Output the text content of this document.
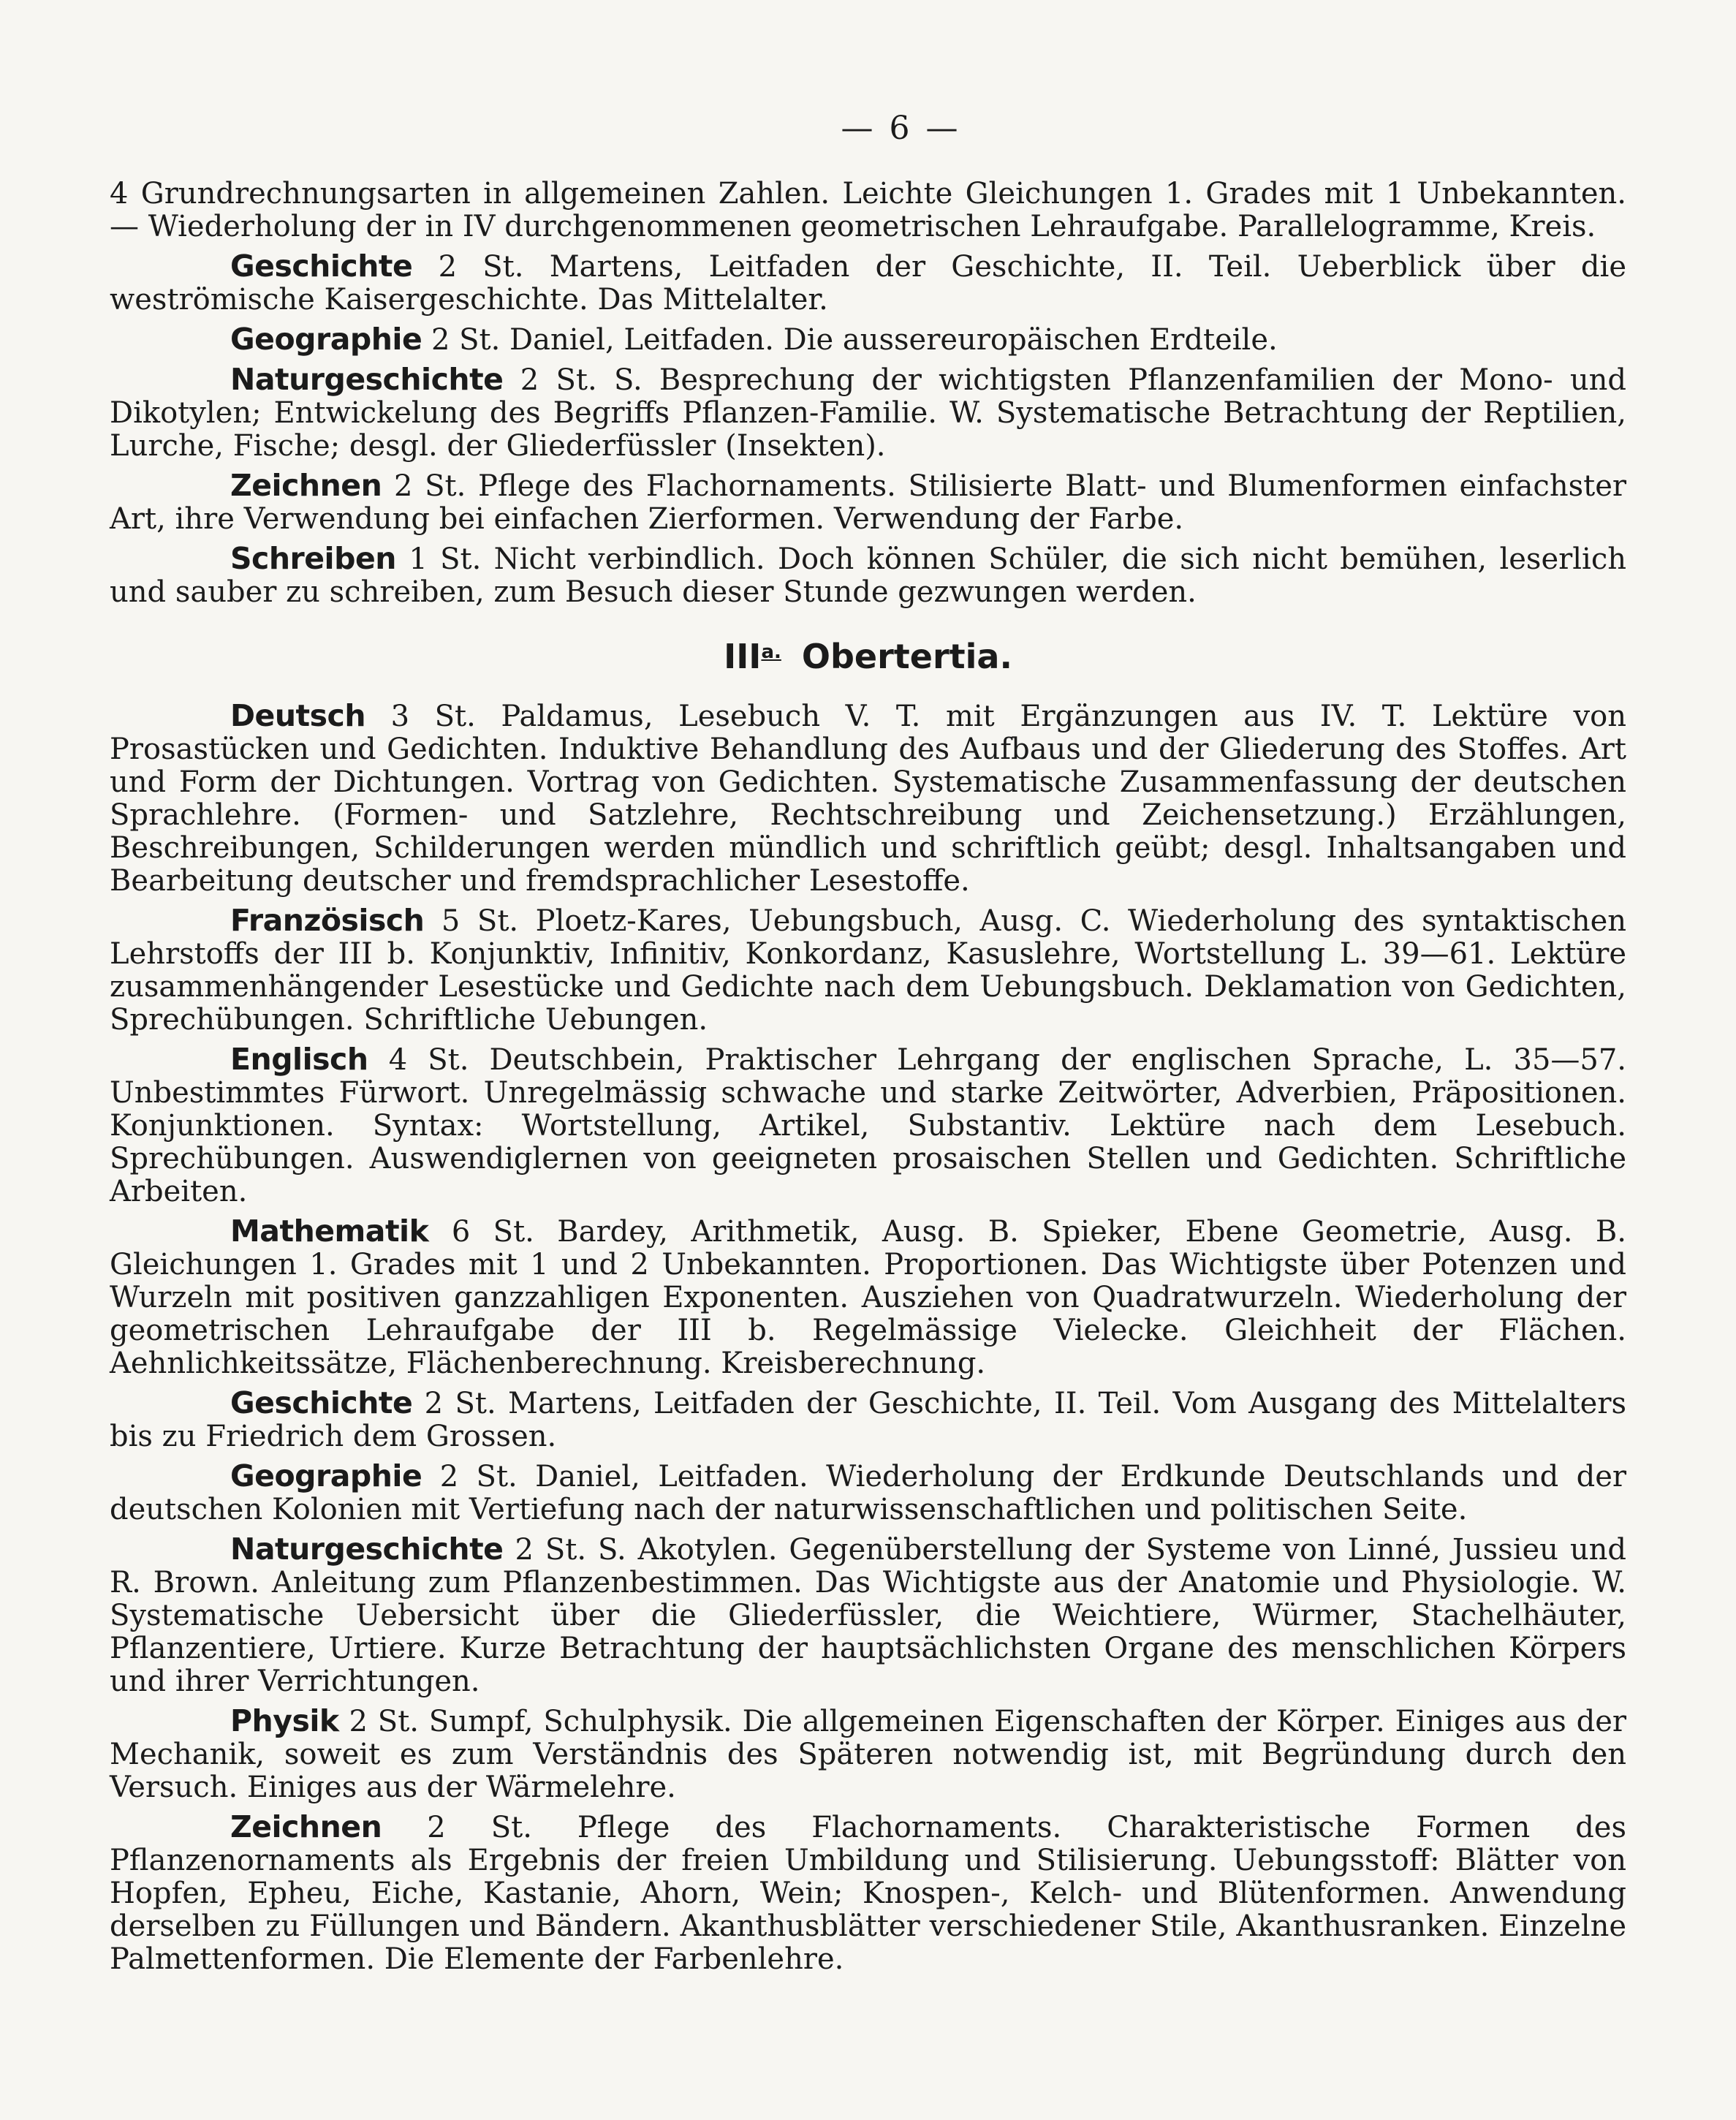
— 6 —

4 Grundrechnungsarten in allgemeinen Zahlen. Leichte Gleichungen 1. Grades mit 1 Unbekannten. — Wiederholung der in IV durchgenommenen geometrischen Lehraufgabe. Parallelogramme, Kreis.

Geschichte 2 St. Martens, Leitfaden der Geschichte, II. Teil. Ueberblick über die weströmische Kaisergeschichte. Das Mittelalter.

Geographie 2 St. Daniel, Leitfaden. Die aussereuropäischen Erdteile.

Naturgeschichte 2 St. S. Besprechung der wichtigsten Pflanzenfamilien der Mono- und Dikotylen; Entwickelung des Begriffs Pflanzen-Familie. W. Systematische Betrachtung der Reptilien, Lurche, Fische; desgl. der Gliederfüssler (Insekten).

Zeichnen 2 St. Pflege des Flachornaments. Stilisierte Blatt- und Blumenformen einfachster Art, ihre Verwendung bei einfachen Zierformen. Verwendung der Farbe.

Schreiben 1 St. Nicht verbindlich. Doch können Schüler, die sich nicht bemühen, leserlich und sauber zu schreiben, zum Besuch dieser Stunde gezwungen werden.

$III^{a.}$ Obertertia.

Deutsch 3 St. Paldamus, Lesebuch V. T. mit Ergänzungen aus IV. T. Lektüre von Prosastücken und Gedichten. Induktive Behandlung des Aufbaus und der Gliederung des Stoffes. Art und Form der Dichtungen. Vortrag von Gedichten. Systematische Zusammenfassung der deutschen Sprachlehre. (Formen- und Satzlehre, Rechtschreibung und Zeichensetzung.) Erzählungen, Beschreibungen, Schilderungen werden mündlich und schriftlich geübt; desgl. Inhaltsangaben und Bearbeitung deutscher und fremdsprachlicher Lesestoffe.

Französisch 5 St. Ploetz-Kares, Uebungsbuch, Ausg. C. Wiederholung des syntaktischen Lehrstoffs der III b. Konjunktiv, Infinitiv, Konkordanz, Kasuslehre, Wortstellung L. 39—61. Lektüre zusammenhängender Lesestücke und Gedichte nach dem Uebungsbuch. Deklamation von Gedichten, Sprechübungen. Schriftliche Uebungen.

Englisch 4 St. Deutschbein, Praktischer Lehrgang der englischen Sprache, L. 35—57. Unbestimmtes Fürwort. Unregelmässig schwache und starke Zeitwörter, Adverbien, Präpositionen. Konjunktionen. Syntax: Wortstellung, Artikel, Substantiv. Lektüre nach dem Lesebuch. Sprechübungen. Auswendiglernen von geeigneten prosaischen Stellen und Gedichten. Schriftliche Arbeiten.

Mathematik 6 St. Bardey, Arithmetik, Ausg. B. Spieker, Ebene Geometrie, Ausg. B. Gleichungen 1. Grades mit 1 und 2 Unbekannten. Proportionen. Das Wichtigste über Potenzen und Wurzeln mit positiven ganzzahligen Exponenten. Ausziehen von Quadratwurzeln. Wiederholung der geometrischen Lehraufgabe der III b. Regelmässige Vielecke. Gleichheit der Flächen. Aehnlichkeitssätze, Flächenberechnung. Kreisberechnung.

Geschichte 2 St. Martens, Leitfaden der Geschichte, II. Teil. Vom Ausgang des Mittelalters bis zu Friedrich dem Grossen.

Geographie 2 St. Daniel, Leitfaden. Wiederholung der Erdkunde Deutschlands und der deutschen Kolonien mit Vertiefung nach der naturwissenschaftlichen und politischen Seite.

Naturgeschichte 2 St. S. Akotylen. Gegenüberstellung der Systeme von Linné, Jussieu und R. Brown. Anleitung zum Pflanzenbestimmen. Das Wichtigste aus der Anatomie und Physiologie. W. Systematische Uebersicht über die Gliederfüssler, die Weichtiere, Würmer, Stachelhäuter, Pflanzentiere, Urtiere. Kurze Betrachtung der hauptsächlichsten Organe des menschlichen Körpers und ihrer Verrichtungen.

Physik 2 St. Sumpf, Schulphysik. Die allgemeinen Eigenschaften der Körper. Einiges aus der Mechanik, soweit es zum Verständnis des Späteren notwendig ist, mit Begründung durch den Versuch. Einiges aus der Wärmelehre.

Zeichnen 2 St. Pflege des Flachornaments. Charakteristische Formen des Pflanzenornaments als Ergebnis der freien Umbildung und Stilisierung. Uebungsstoff: Blätter von Hopfen, Epheu, Eiche, Kastanie, Ahorn, Wein; Knospen-, Kelch- und Blütenformen. Anwendung derselben zu Füllungen und Bändern. Akanthusblätter verschiedener Stile, Akanthusranken. Einzelne Palmettenformen. Die Elemente der Farbenlehre.
